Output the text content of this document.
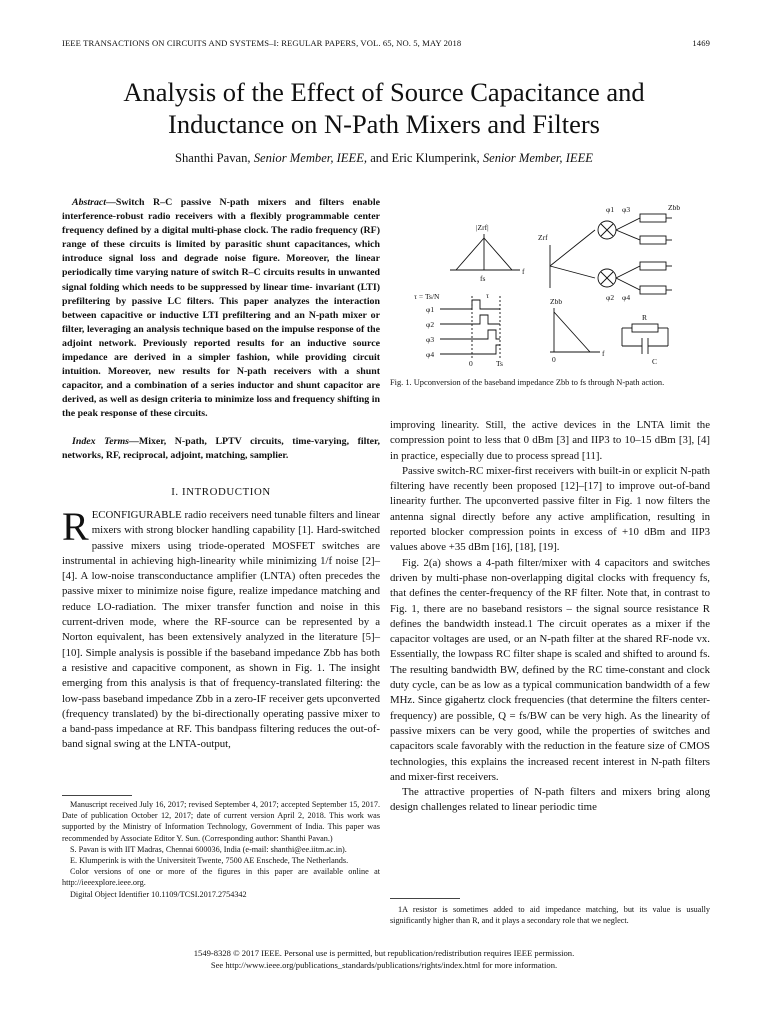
IEEE TRANSACTIONS ON CIRCUITS AND SYSTEMS–I: REGULAR PAPERS, VOL. 65, NO. 5, MAY 2018	1469
Analysis of the Effect of Source Capacitance and
Inductance on N-Path Mixers and Filters
Shanthi Pavan, Senior Member, IEEE, and Eric Klumperink, Senior Member, IEEE

Abstract—Switch R–C passive N-path mixers and filters enable interference-robust radio receivers with a flexibly programmable center frequency defined by a digital multi-phase clock. The radio frequency (RF) range of these circuits is limited by parasitic shunt capacitances, which introduce signal loss and degrade noise figure. Moreover, the linear periodically time varying nature of switch R–C circuits results in unwanted signal folding which needs to be suppressed by linear time- invariant (LTI) prefiltering by passive LC filters. This paper analyzes the interaction between capacitive or inductive LTI prefiltering and an N-path mixer or filter, leveraging an analysis technique based on the impulse response of the adjoint network. Previously reported results for an inductive source impedance are derived in a simpler fashion, while providing circuit intuition. Moreover, new results for N-path receivers with a shunt capacitor, and a combination of a series inductor and shunt capacitor are derived, as well as design criteria to minimize loss and frequency shifting in the peak response of these circuits.

Index Terms—Mixer, N-path, LPTV circuits, time-varying, filter, networks, RF, reciprocal, adjoint, matching, samplier.

I. INTRODUCTION

RECONFIGURABLE radio receivers need tunable filters and linear mixers with strong blocker handling capability [1]. Hard-switched passive mixers using triode-operated MOSFET switches are instrumental in achieving high-linearity while minimizing 1/f noise [2]–[4]. A low-noise transconductance amplifier (LNTA) often precedes the passive mixer to minimize noise figure, realize impedance matching and reduce LO-radiation. The mixer transfer function and noise in this current-driven mode, where the RF-source can be represented by a Norton equivalent, has been extensively analyzed in the literature [5]–[10]. Simple analysis is possible if the baseband impedance Zbb has both a resistive and capacitive component, as shown in Fig. 1. The insight emerging from this analysis is that of frequency-translated filtering: the low-pass baseband impedance Zbb in a zero-IF receiver gets upconverted (frequency translated) by the bi-directionally operating passive mixer to a band-pass impedance at RF. This bandpass filtering reduces the out-of-band signal swing at the LNTA-output,

Manuscript received July 16, 2017; revised September 4, 2017; accepted September 15, 2017. Date of publication October 12, 2017; date of current version April 2, 2018. This work was supported by the Ministry of Information Technology, Government of India. This paper was recommended by Associate Editor Y. Sun. (Corresponding author: Shanthi Pavan.)

S. Pavan is with IIT Madras, Chennai 600036, India (e-mail: shanthi@ee.iitm.ac.in).

E. Klumperink is with the Universiteit Twente, 7500 AE Enschede, The Netherlands.

Color versions of one or more of the figures in this paper are available online at http://ieeexplore.ieee.org.

Digital Object Identifier 10.1109/TCSI.2017.2754342

|Zrf|
fs
f
Zrf
τ = Ts/N	τ
φ1
φ2
φ3
φ4
0	Ts
Zbb
f
0
Zbb
R
C
φ1 φ3
φ2 φ4
Fig. 1. Upconversion of the baseband impedance Zbb to fs through N-path action.

improving linearity. Still, the active devices in the LNTA limit the compression point to less that 0 dBm [3] and IIP3 to 10–15 dBm [3], [4] in practice, especially due to process spread [11].

Passive switch-RC mixer-first receivers with built-in or explicit N-path filtering have recently been proposed [12]–[17] to improve out-of-band linearity further. The upconverted passive filter in Fig. 1 now filters the antenna signal directly before any active amplification, resulting in reported blocker compression points in excess of +10 dBm and IIP3 values above +35 dBm [16], [18], [19].

Fig. 2(a) shows a 4-path filter/mixer with 4 capacitors and switches driven by multi-phase non-overlapping digital clocks with frequency fs, that defines the center-frequency of the RF filter. Note that, in contrast to Fig. 1, there are no baseband resistors – the signal source resistance R defines the bandwidth instead.1 The circuit operates as a mixer if the capacitor voltages are used, or an N-path filter at the shared RF-node vx. Essentially, the lowpass RC filter shape is scaled and shifted to around fs. The resulting bandwidth BW, defined by the RC time-constant and clock duty cycle, can be as low as a typical communication bandwidth of a few MHz. Since gigahertz clock frequencies (that determine the filters center-frequency) are possible, Q = fs/BW can be very high. As the linearity of passive mixers can be very good, while the properties of switches and capacitors scale favorably with the reduction in the feature size of CMOS technologies, this explains the increased recent interest in N-path filters and mixer-first receivers.

The attractive properties of N-path filters and mixers bring along design challenges related to linear periodic time

1A resistor is sometimes added to aid impedance matching, but its value is usually significantly higher than R, and it plays a secondary role that we neglect.

1549-8328 © 2017 IEEE. Personal use is permitted, but republication/redistribution requires IEEE permission.
See http://www.ieee.org/publications_standards/publications/rights/index.html for more information.
